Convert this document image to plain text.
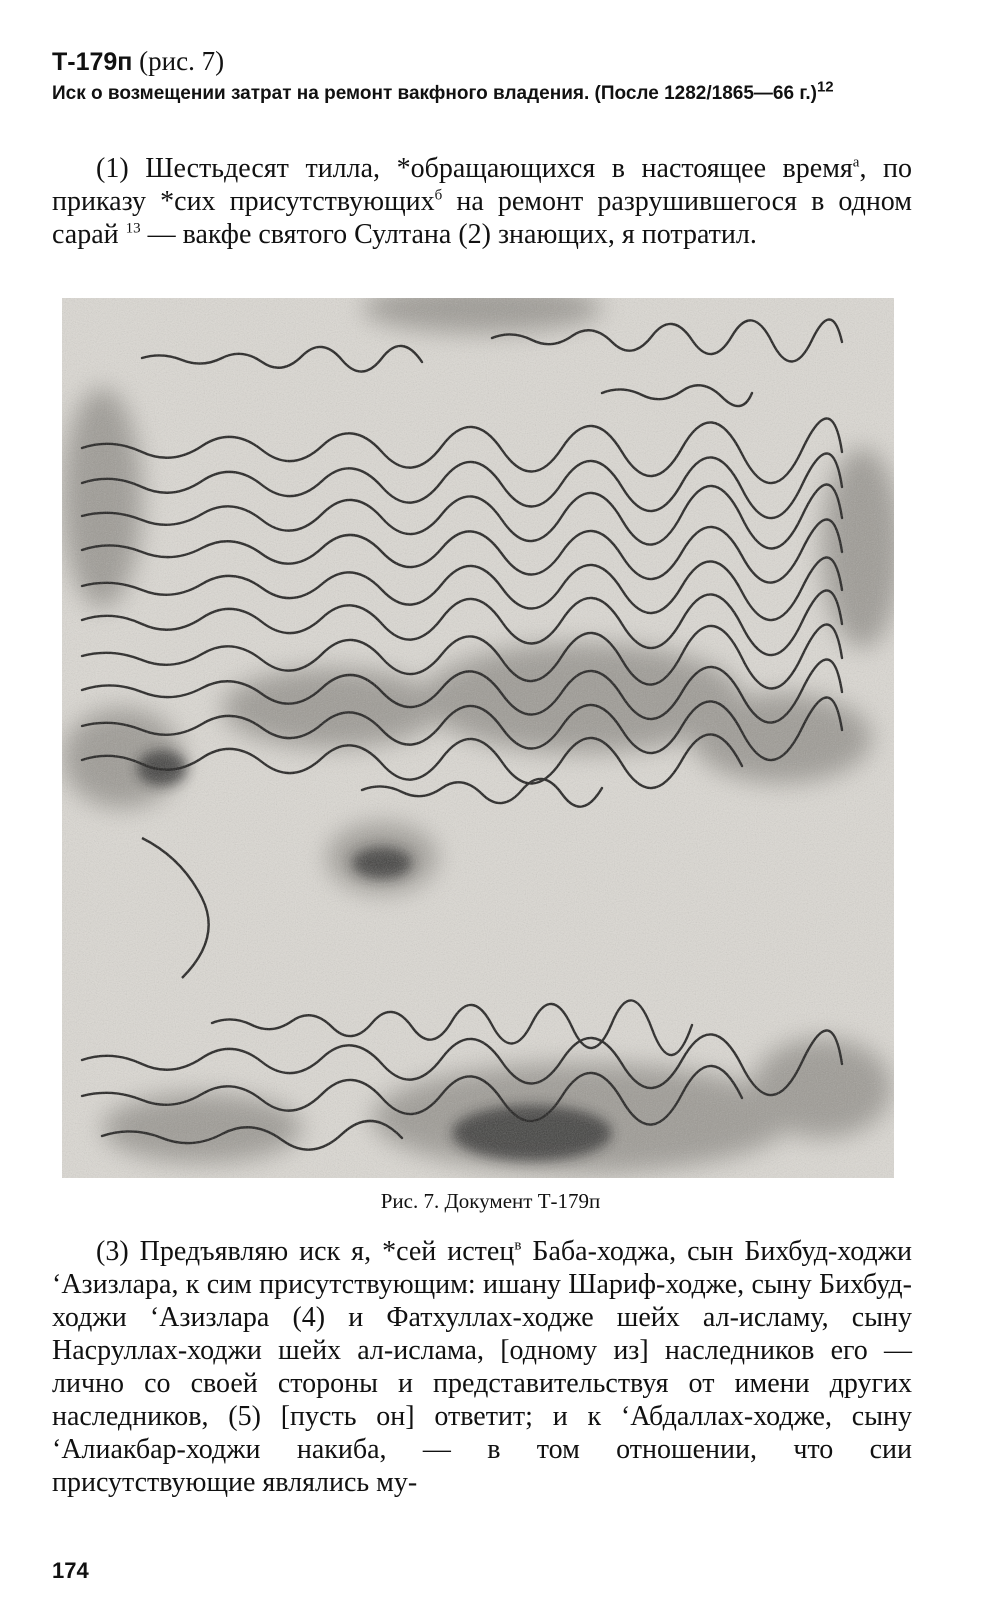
Т-179п (рис. 7)
Иск о возмещении затрат на ремонт вакфного владения. (После 1282/1865—66 г.)$^{12}$

(1) Шестьдесят тилла, *обращающихся в настоящее время$^а$, по приказу *сих присутствующих$^б$ на ремонт разрушившегося в одном сарай $^{13}$ — вакфе святого Султана (2) знающих, я потратил.

Рис. 7. Документ Т-179п

(3) Предъявляю иск я, *сей истец$^в$ Баба-ходжа, сын Бихбуд-ходжи ‘Азизлара, к сим присутствующим: ишану Шариф-ходже, сыну Бихбуд-ходжи ‘Азизлара (4) и Фатхуллах-ходже шейх ал-исламу, сыну Насруллах-ходжи шейх ал-ислама, [одному из] наследников его — лично со своей стороны и представительствуя от имени других наследников, (5) [пусть он] ответит; и к ‘Абдаллах-ходже, сыну ‘Алиакбар-ходжи накиба, — в том отношении, что сии присутствующие являлись му-

174
